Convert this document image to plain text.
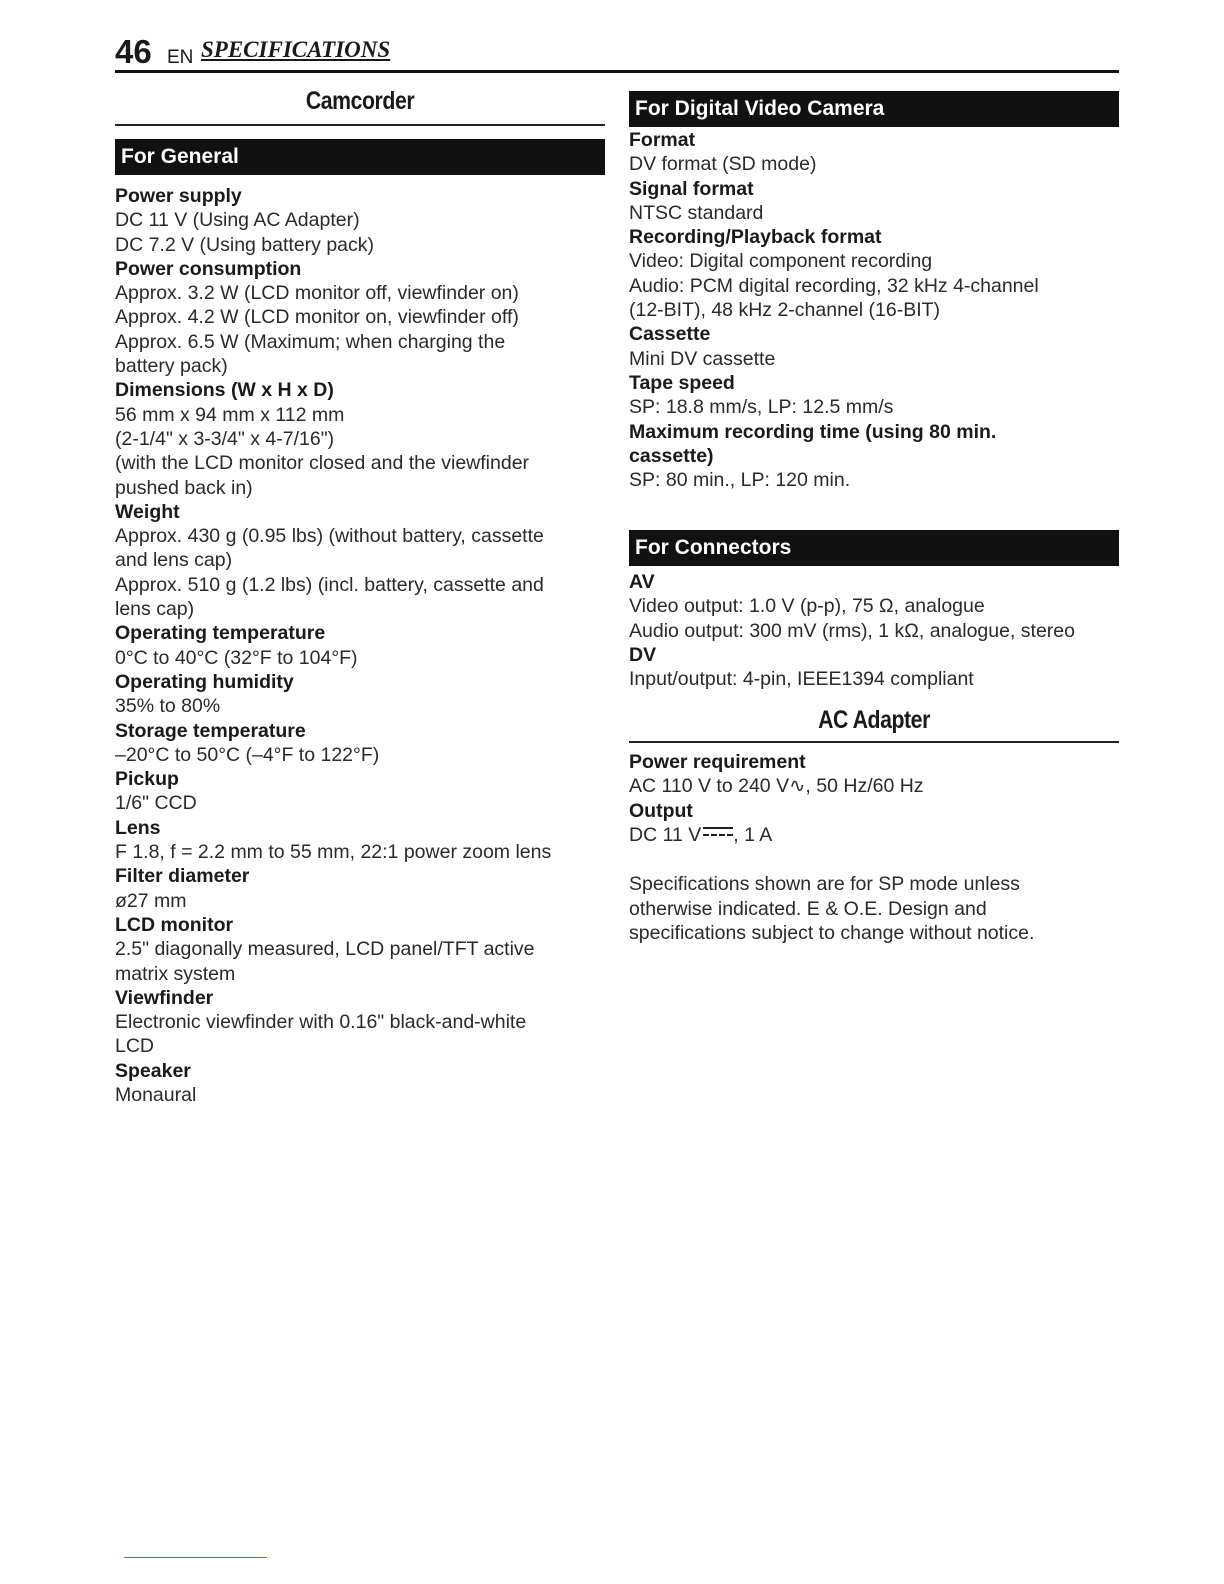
46 EN SPECIFICATIONS
Camcorder
For General

Power supply

DC 11 V (Using AC Adapter)

DC 7.2 V (Using battery pack)

Power consumption

Approx. 3.2 W (LCD monitor off, viewfinder on)

Approx. 4.2 W (LCD monitor on, viewfinder off)

Approx. 6.5 W (Maximum; when charging the

battery pack)

Dimensions (W x H x D)

56 mm x 94 mm x 112 mm

(2-1/4" x 3-3/4" x 4-7/16")

(with the LCD monitor closed and the viewfinder

pushed back in)

Weight

Approx. 430 g (0.95 lbs) (without battery, cassette

and lens cap)

Approx. 510 g (1.2 lbs) (incl. battery, cassette and

lens cap)

Operating temperature

0°C to 40°C (32°F to 104°F)

Operating humidity

35% to 80%

Storage temperature

–20°C to 50°C (–4°F to 122°F)

Pickup

1/6" CCD

Lens

F 1.8, f = 2.2 mm to 55 mm, 22:1 power zoom lens

Filter diameter

ø27 mm

LCD monitor

2.5" diagonally measured, LCD panel/TFT active

matrix system

Viewfinder

Electronic viewfinder with 0.16" black-and-white

LCD

Speaker

Monaural

For Digital Video Camera

Format

DV format (SD mode)

Signal format

NTSC standard

Recording/Playback format

Video: Digital component recording

Audio: PCM digital recording, 32 kHz 4-channel

(12-BIT), 48 kHz 2-channel (16-BIT)

Cassette

Mini DV cassette

Tape speed

SP: 18.8 mm/s, LP: 12.5 mm/s

Maximum recording time (using 80 min.

cassette)

SP: 80 min., LP: 120 min.

For Connectors

AV

Video output: 1.0 V (p-p), 75 Ω, analogue

Audio output: 300 mV (rms), 1 kΩ, analogue, stereo

DV

Input/output: 4-pin, IEEE1394 compliant

AC Adapter

Power requirement

AC 110 V to 240 V∿, 50 Hz/60 Hz

Output

DC 11 V , 1 A

Specifications shown are for SP mode unless

otherwise indicated. E & O.E. Design and

specifications subject to change without notice.
